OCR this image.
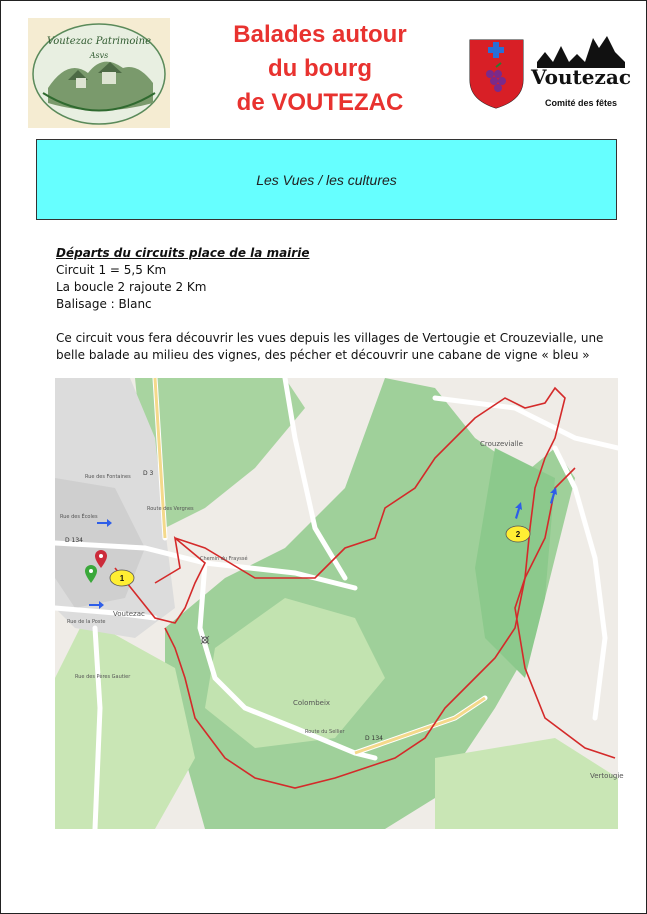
Voutezac Patrimoine
Asvs
Balades autour
du bourg
de VOUTEZAC
Voutezac
Comité des fêtes
Les Vues / les cultures

Départs du circuits place de la mairie

Circuit 1 = 5,5 Km

La boucle 2 rajoute 2 Km

Balisage : Blanc

Ce circuit vous fera découvrir les vues depuis les villages de Vertougie et Crouzevialle, une belle balade au milieu des vignes, des pécher et découvrir une cabane de vigne « bleu »

Crouzevialle
Colombeix
Voutezac
Vertougie
D 3
D 134
D 134
Route du Sellier
Chemin du Frayssé
Route des Vergnes
Rue des Écoles
Rue de la Poste
Rue des Pères Gautier
Rue des Fontaines
1
2
